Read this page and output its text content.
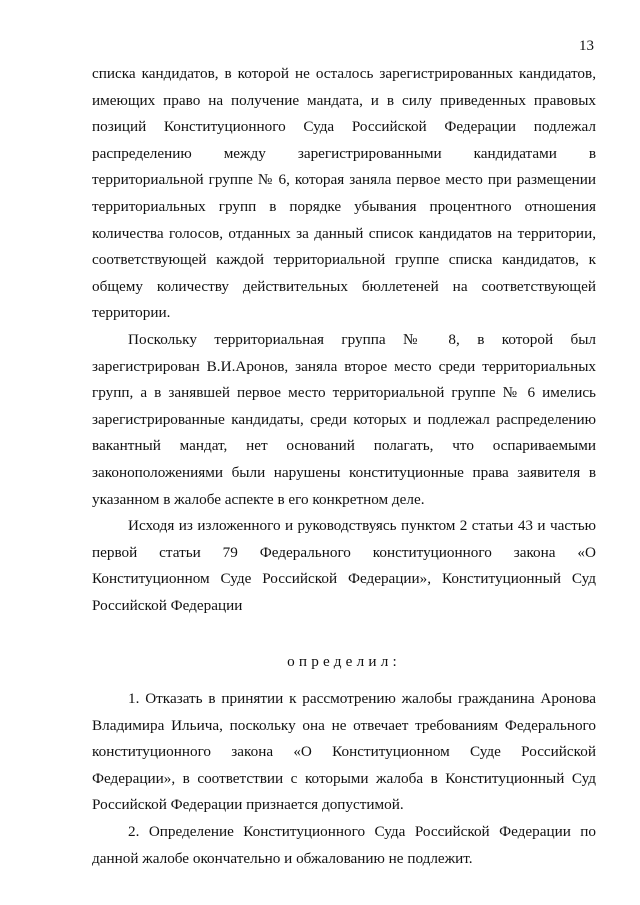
13

списка кандидатов, в которой не осталось зарегистрированных кандидатов, имеющих право на получение мандата, и в силу приведенных правовых позиций Конституционного Суда Российской Федерации подлежал распределению между зарегистрированными кандидатами в территориальной группе № 6, которая заняла первое место при размещении территориальных групп в порядке убывания процентного отношения количества голосов, отданных за данный список кандидатов на территории, соответствующей каждой территориальной группе списка кандидатов, к общему количеству действительных бюллетеней на соответствующей территории.

Поскольку территориальная группа № 8, в которой был зарегистрирован В.И.Аронов, заняла второе место среди территориальных групп, а в занявшей первое место территориальной группе № 6 имелись зарегистрированные кандидаты, среди которых и подлежал распределению вакантный мандат, нет оснований полагать, что оспариваемыми законоположениями были нарушены конституционные права заявителя в указанном в жалобе аспекте в его конкретном деле.

Исходя из изложенного и руководствуясь пунктом 2 статьи 43 и частью первой статьи 79 Федерального конституционного закона «О Конституционном Суде Российской Федерации», Конституционный Суд Российской Федерации

определил:

1. Отказать в принятии к рассмотрению жалобы гражданина Аронова Владимира Ильича, поскольку она не отвечает требованиям Федерального конституционного закона «О Конституционном Суде Российской Федерации», в соответствии с которыми жалоба в Конституционный Суд Российской Федерации признается допустимой.

2. Определение Конституционного Суда Российской Федерации по данной жалобе окончательно и обжалованию не подлежит.
